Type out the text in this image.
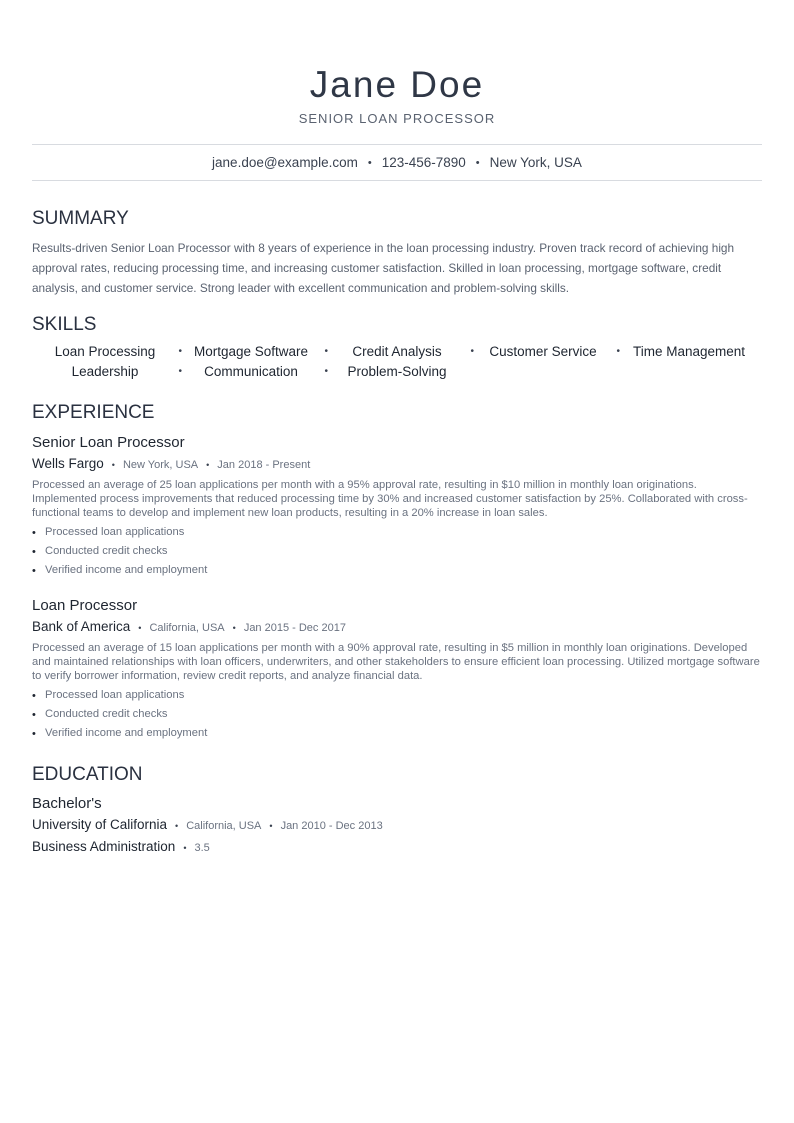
Jane Doe
SENIOR LOAN PROCESSOR
jane.doe@example.com • 123-456-7890 • New York, USA
SUMMARY
Results-driven Senior Loan Processor with 8 years of experience in the loan processing industry. Proven track record of achieving high approval rates, reducing processing time, and increasing customer satisfaction. Skilled in loan processing, mortgage software, credit analysis, and customer service. Strong leader with excellent communication and problem-solving skills.
SKILLS
Loan Processing •	Mortgage Software •	Credit Analysis •	Customer Service •	Time Management
Leadership •	Communication •	Problem-Solving
EXPERIENCE
Senior Loan Processor
Wells Fargo • New York, USA • Jan 2018 - Present
Processed an average of 25 loan applications per month with a 95% approval rate, resulting in $10 million in monthly loan originations. Implemented process improvements that reduced processing time by 30% and increased customer satisfaction by 25%. Collaborated with cross-functional teams to develop and implement new loan products, resulting in a 20% increase in loan sales.
• Processed loan applications
• Conducted credit checks
• Verified income and employment
Loan Processor
Bank of America • California, USA • Jan 2015 - Dec 2017
Processed an average of 15 loan applications per month with a 90% approval rate, resulting in $5 million in monthly loan originations. Developed and maintained relationships with loan officers, underwriters, and other stakeholders to ensure efficient loan processing. Utilized mortgage software to verify borrower information, review credit reports, and analyze financial data.
• Processed loan applications
• Conducted credit checks
• Verified income and employment
EDUCATION
Bachelor's
University of California • California, USA • Jan 2010 - Dec 2013
Business Administration • 3.5
